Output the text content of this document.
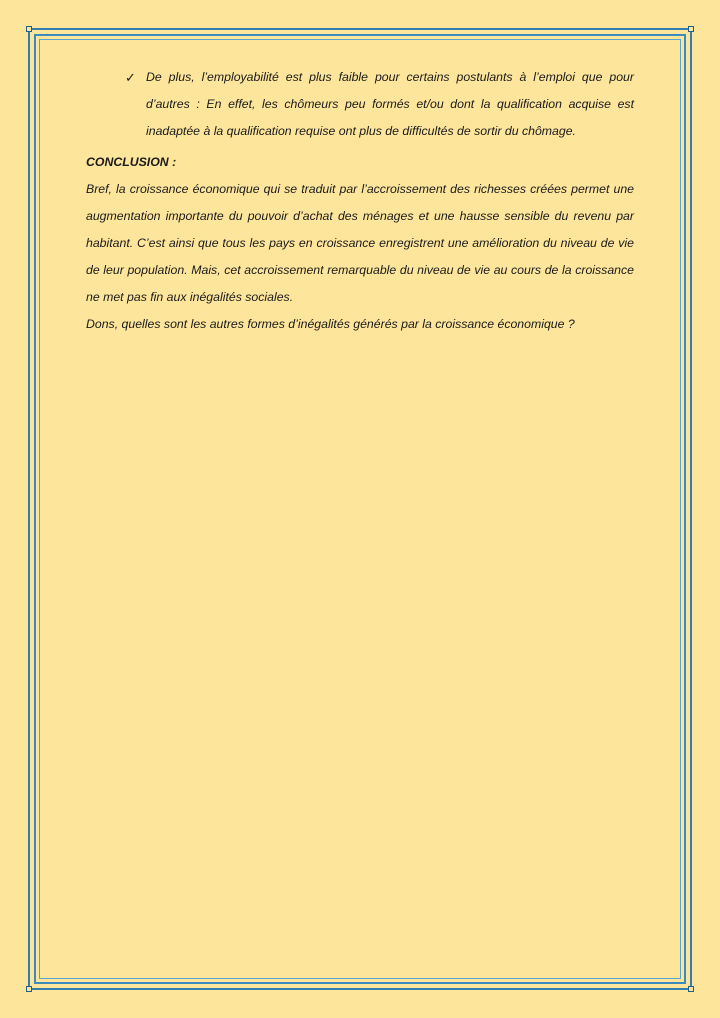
✓ De plus, l’employabilité est plus faible pour certains postulants à l’emploi que pour d’autres : En effet, les chômeurs peu formés et/ou dont la qualification acquise est inadaptée à la qualification requise ont plus de difficultés de sortir du chômage.
CONCLUSION :
Bref, la croissance économique qui se traduit par l’accroissement des richesses créées permet une augmentation importante du pouvoir d’achat des ménages et une hausse sensible du revenu par habitant. C’est ainsi que tous les pays en croissance enregistrent une amélioration du niveau de vie de leur population. Mais, cet accroissement remarquable du niveau de vie au cours de la croissance ne met pas fin aux inégalités sociales.
Dons, quelles sont les autres formes d’inégalités générés par la croissance économique ?
